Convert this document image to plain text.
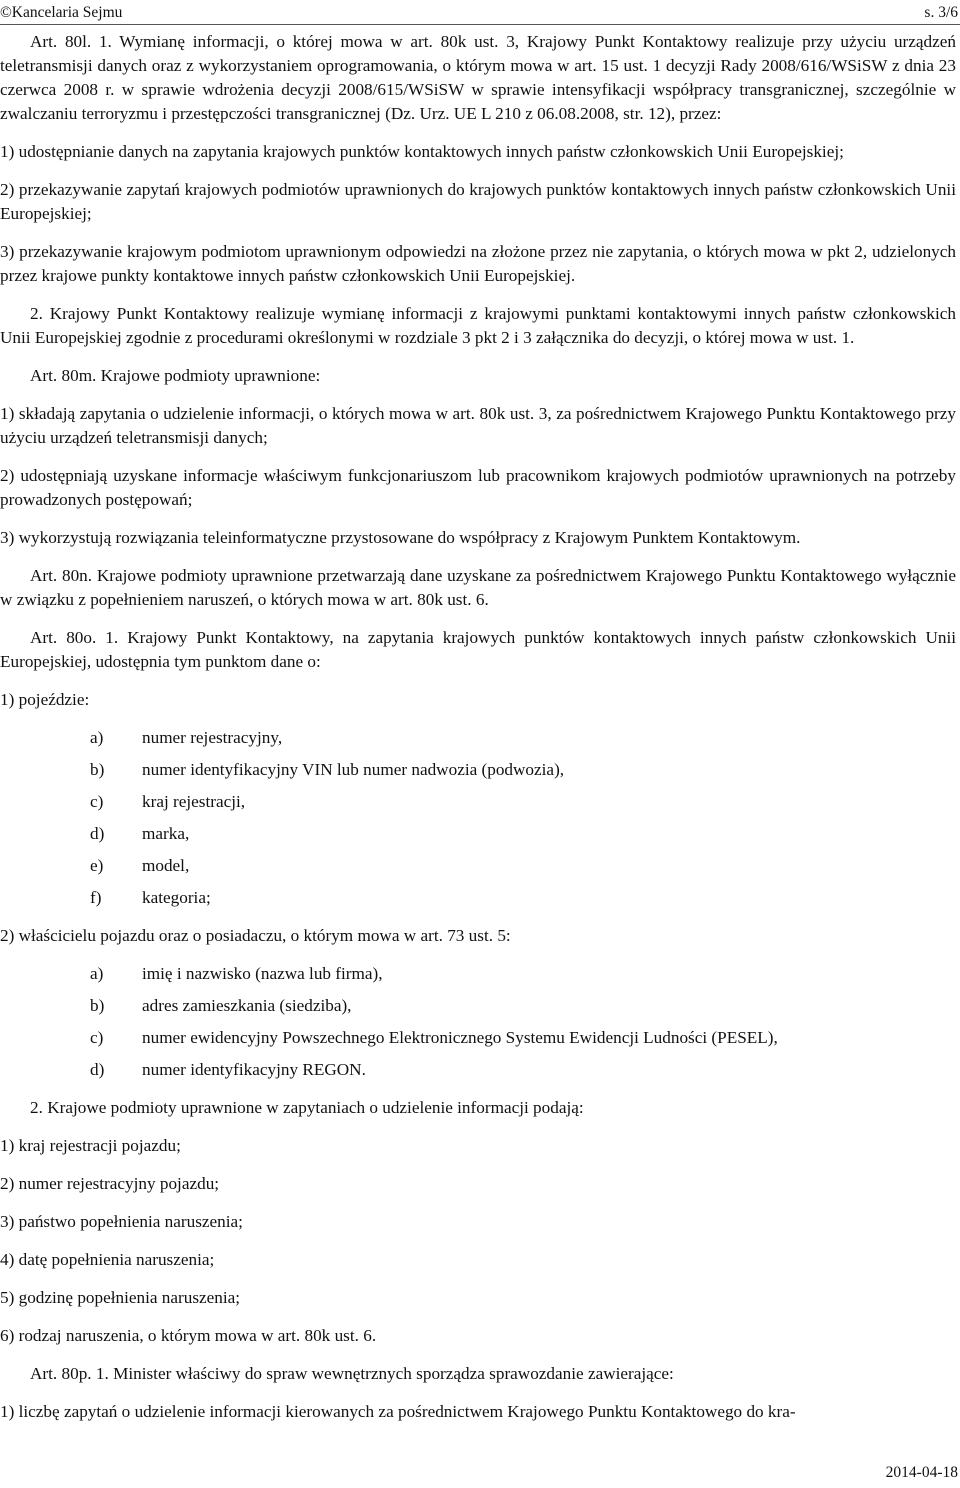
©Kancelaria Sejmu	s. 3/6

Art. 80l. 1. Wymianę informacji, o której mowa w art. 80k ust. 3, Krajowy Punkt Kontaktowy realizuje przy użyciu urządzeń teletransmisji danych oraz z wykorzystaniem oprogramowania, o którym mowa w art. 15 ust. 1 decyzji Rady 2008/616/WSiSW z dnia 23 czerwca 2008 r. w sprawie wdrożenia decyzji 2008/615/WSiSW w sprawie intensyfikacji współpracy transgranicznej, szczególnie w zwalczaniu terroryzmu i przestępczości transgranicznej (Dz. Urz. UE L 210 z 06.08.2008, str. 12), przez:

1) udostępnianie danych na zapytania krajowych punktów kontaktowych innych państw członkowskich Unii Europejskiej;
2) przekazywanie zapytań krajowych podmiotów uprawnionych do krajowych punktów kontaktowych innych państw członkowskich Unii Europejskiej;
3) przekazywanie krajowym podmiotom uprawnionym odpowiedzi na złożone przez nie zapytania, o których mowa w pkt 2, udzielonych przez krajowe punkty kontaktowe innych państw członkowskich Unii Europejskiej.

2. Krajowy Punkt Kontaktowy realizuje wymianę informacji z krajowymi punktami kontaktowymi innych państw członkowskich Unii Europejskiej zgodnie z procedurami określonymi w rozdziale 3 pkt 2 i 3 załącznika do decyzji, o której mowa w ust. 1.

Art. 80m. Krajowe podmioty uprawnione:

1) składają zapytania o udzielenie informacji, o których mowa w art. 80k ust. 3, za pośrednictwem Krajowego Punktu Kontaktowego przy użyciu urządzeń teletransmisji danych;
2) udostępniają uzyskane informacje właściwym funkcjonariuszom lub pracownikom krajowych podmiotów uprawnionych na potrzeby prowadzonych postępowań;
3) wykorzystują rozwiązania teleinformatyczne przystosowane do współpracy z Krajowym Punktem Kontaktowym.

Art. 80n. Krajowe podmioty uprawnione przetwarzają dane uzyskane za pośrednictwem Krajowego Punktu Kontaktowego wyłącznie w związku z popełnieniem naruszeń, o których mowa w art. 80k ust. 6.

Art. 80o. 1. Krajowy Punkt Kontaktowy, na zapytania krajowych punktów kontaktowych innych państw członkowskich Unii Europejskiej, udostępnia tym punktom dane o:

1) pojeździe:
a)	numer rejestracyjny,
b)	numer identyfikacyjny VIN lub numer nadwozia (podwozia),
c)	kraj rejestracji,
d)	marka,
e)	model,
f)	kategoria;
2) właścicielu pojazdu oraz o posiadaczu, o którym mowa w art. 73 ust. 5:
a)	imię i nazwisko (nazwa lub firma),
b)	adres zamieszkania (siedziba),
c)	numer ewidencyjny Powszechnego Elektronicznego Systemu Ewidencji Ludności (PESEL),
d)	numer identyfikacyjny REGON.

2. Krajowe podmioty uprawnione w zapytaniach o udzielenie informacji podają:

1) kraj rejestracji pojazdu;
2) numer rejestracyjny pojazdu;
3) państwo popełnienia naruszenia;
4) datę popełnienia naruszenia;
5) godzinę popełnienia naruszenia;
6) rodzaj naruszenia, o którym mowa w art. 80k ust. 6.

Art. 80p. 1. Minister właściwy do spraw wewnętrznych sporządza sprawozdanie zawierające:

1) liczbę zapytań o udzielenie informacji kierowanych za pośrednictwem Krajowego Punktu Kontaktowego do kra-
2014-04-18
